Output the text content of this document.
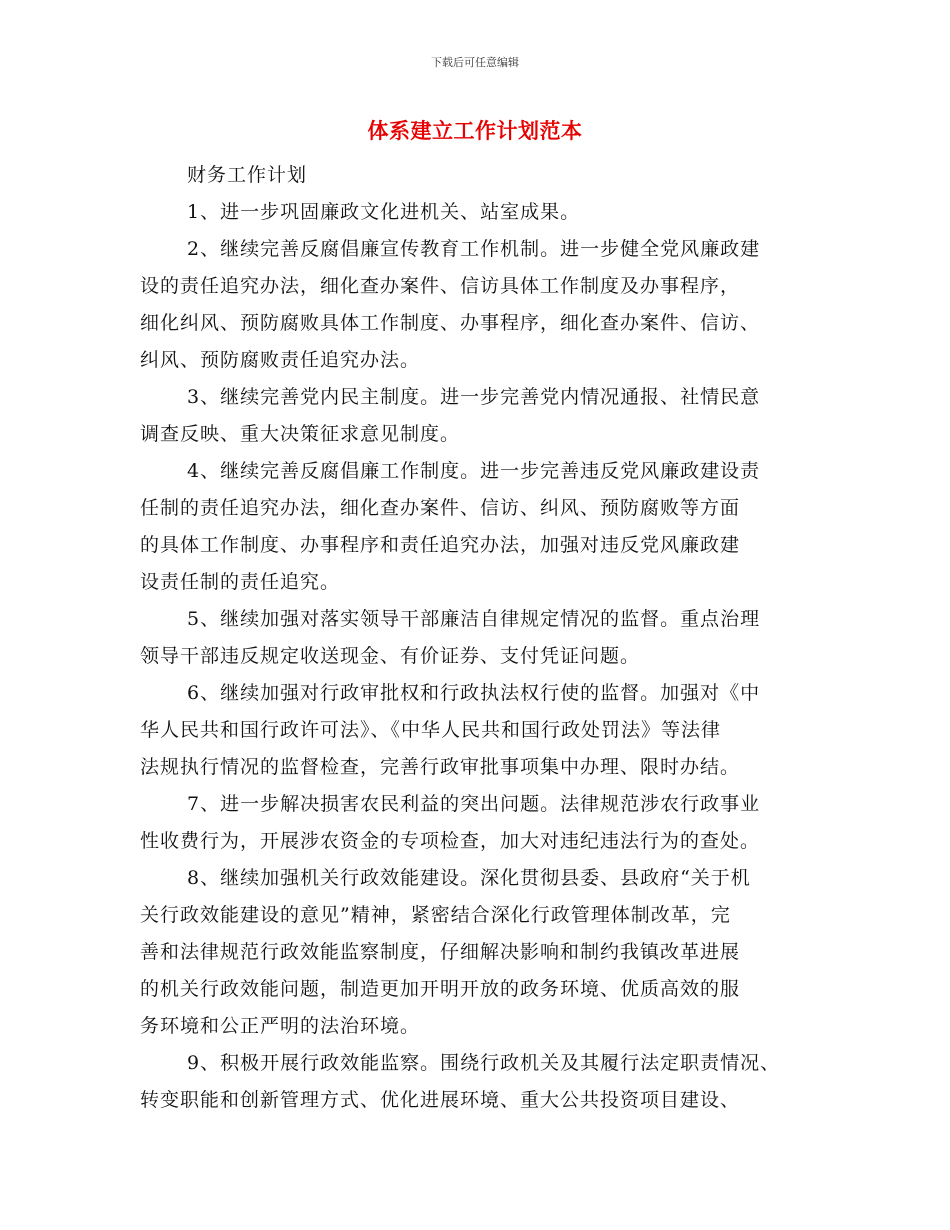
下载后可任意编辑
体系建立工作计划范本
财务工作计划
1、进一步巩固廉政文化进机关、站室成果。
2、继续完善反腐倡廉宣传教育工作机制。进一步健全党风廉政建
设的责任追究办法，细化查办案件、信访具体工作制度及办事程序，
细化纠风、预防腐败具体工作制度、办事程序，细化查办案件、信访、
纠风、预防腐败责任追究办法。
3、继续完善党内民主制度。进一步完善党内情况通报、社情民意
调查反映、重大决策征求意见制度。
4、继续完善反腐倡廉工作制度。进一步完善违反党风廉政建设责
任制的责任追究办法，细化查办案件、信访、纠风、预防腐败等方面
的具体工作制度、办事程序和责任追究办法，加强对违反党风廉政建
设责任制的责任追究。
5、继续加强对落实领导干部廉洁自律规定情况的监督。重点治理
领导干部违反规定收送现金、有价证券、支付凭证问题。
6、继续加强对行政审批权和行政执法权行使的监督。加强对《中
华人民共和国行政许可法》、《中华人民共和国行政处罚法》等法律
法规执行情况的监督检查，完善行政审批事项集中办理、限时办结。
7、进一步解决损害农民利益的突出问题。法律规范涉农行政事业
性收费行为，开展涉农资金的专项检查，加大对违纪违法行为的查处。
8、继续加强机关行政效能建设。深化贯彻县委、县政府“关于机
关行政效能建设的意见”精神，紧密结合深化行政管理体制改革，完
善和法律规范行政效能监察制度，仔细解决影响和制约我镇改革进展
的机关行政效能问题，制造更加开明开放的政务环境、优质高效的服
务环境和公正严明的法治环境。
9、积极开展行政效能监察。围绕行政机关及其履行法定职责情况、
转变职能和创新管理方式、优化进展环境、重大公共投资项目建设、
